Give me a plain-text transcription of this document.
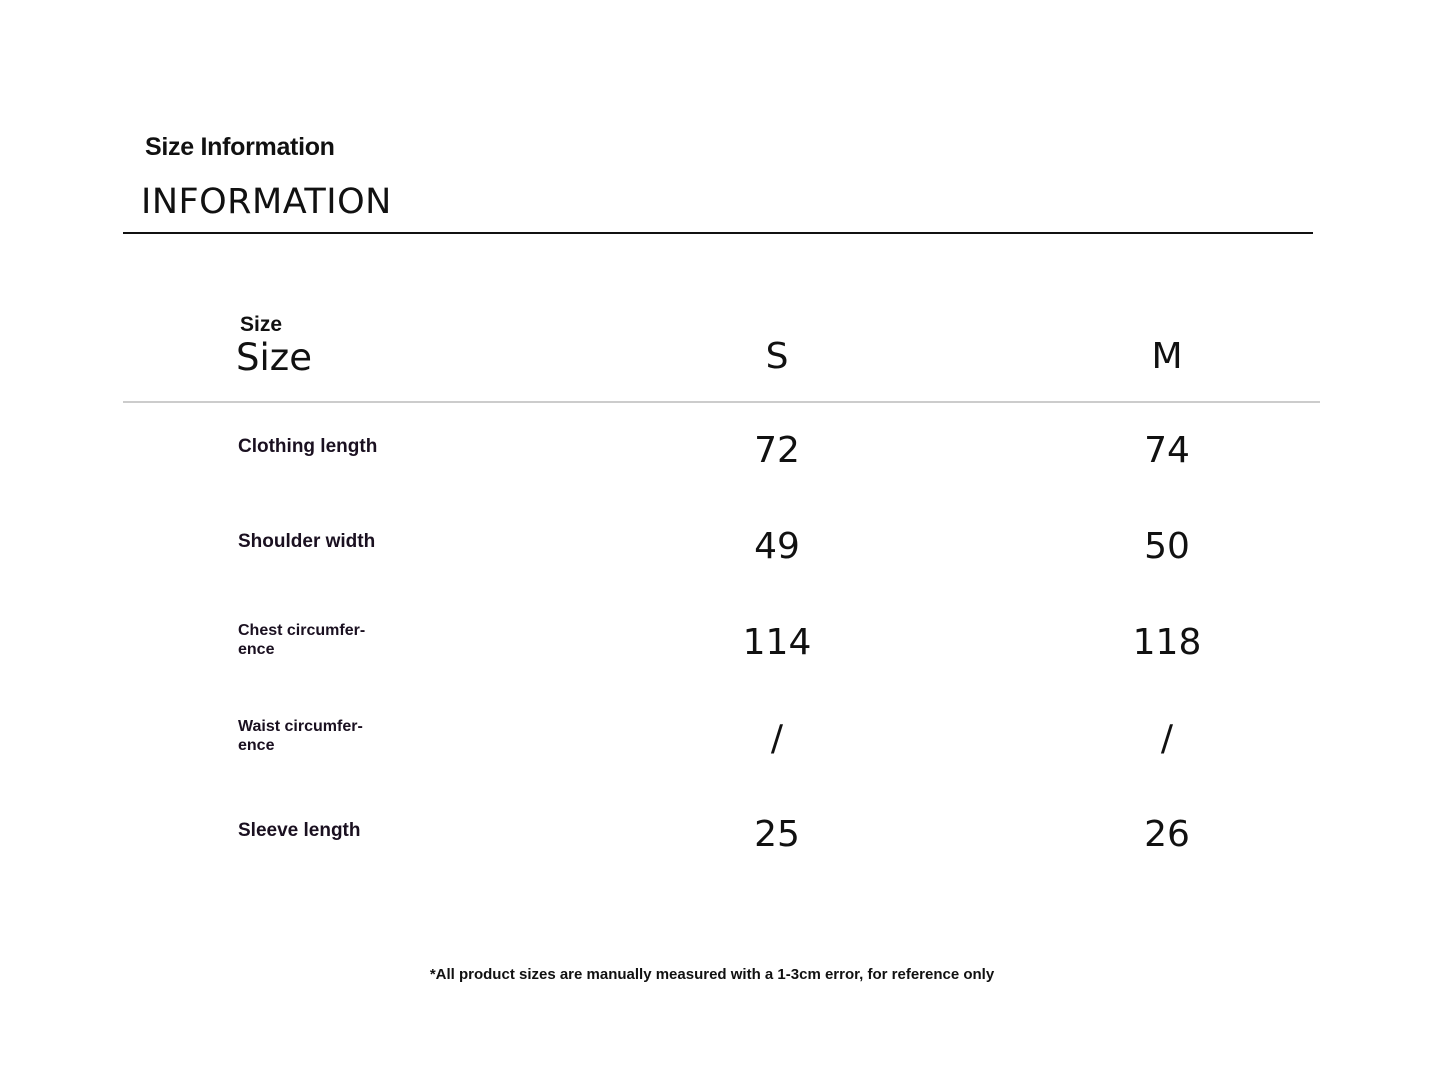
Size Information
INFORMATION
Size
Size	S	M
Clothing length	72	74
Shoulder width	49	50
Chest circumfer-
ence	114	118
Waist circumfer-
ence	/	/
Sleeve length	25	26
*All product sizes are manually measured with a 1-3cm error, for reference only
